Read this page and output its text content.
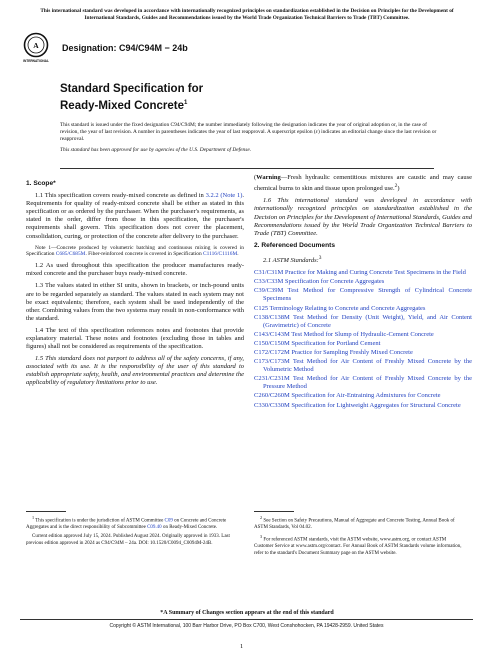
This international standard was developed in accordance with internationally recognized principles on standardization established in the Decision on Principles for the Development of International Standards, Guides and Recommendations issued by the World Trade Organization Technical Barriers to Trade (TBT) Committee.
A
INTERNATIONAL
Designation: C94/C94M − 24b
Standard Specification for
Ready-Mixed Concrete$^1$

This standard is issued under the fixed designation C94/C94M; the number immediately following the designation indicates the year of original adoption or, in the case of revision, the year of last revision. A number in parentheses indicates the year of last reapproval. A superscript epsilon (ε) indicates an editorial change since the last revision or reapproval.

This standard has been approved for use by agencies of the U.S. Department of Defense.

1. Scope*

1.1 This specification covers ready-mixed concrete as defined in 3.2.2 (Note 1). Requirements for quality of ready-mixed concrete shall be either as stated in this specification or as ordered by the purchaser. When the purchaser's requirements, as stated in the order, differ from those in this specification, the purchaser's requirements shall govern. This specification does not cover the placement, consolidation, curing, or protection of the concrete after delivery to the purchaser.

Note 1—Concrete produced by volumetric batching and continuous mixing is covered in Specification C685/C685M. Fiber-reinforced concrete is covered in Specification C1116/C1116M.

1.2 As used throughout this specification the producer manufactures ready-mixed concrete and the purchaser buys ready-mixed concrete.

1.3 The values stated in either SI units, shown in brackets, or inch-pound units are to be regarded separately as standard. The values stated in each system may not be exact equivalents; therefore, each system shall be used independently of the other. Combining values from the two systems may result in non-conformance with the standard.

1.4 The text of this specification references notes and footnotes that provide explanatory material. These notes and footnotes (excluding those in tables and figures) shall not be considered as requirements of the specification.

1.5 This standard does not purport to address all of the safety concerns, if any, associated with its use. It is the responsibility of the user of this standard to establish appropriate safety, health, and environmental practices and determine the applicability of regulatory limitations prior to use.

(Warning—Fresh hydraulic cementitious mixtures are caustic and may cause chemical burns to skin and tissue upon prolonged use.$^2$)

1.6 This international standard was developed in accordance with internationally recognized principles on standardization established in the Decision on Principles for the Development of International Standards, Guides and Recommendations issued by the World Trade Organization Technical Barriers to Trade (TBT) Committee.

2. Referenced Documents

2.1 ASTM Standards:$^3$

C31/C31M Practice for Making and Curing Concrete Test Specimens in the Field
C33/C33M Specification for Concrete Aggregates
C39/C39M Test Method for Compressive Strength of Cylindrical Concrete Specimens
C125 Terminology Relating to Concrete and Concrete Aggregates
C138/C138M Test Method for Density (Unit Weight), Yield, and Air Content (Gravimetric) of Concrete
C143/C143M Test Method for Slump of Hydraulic-Cement Concrete
C150/C150M Specification for Portland Cement
C172/C172M Practice for Sampling Freshly Mixed Concrete
C173/C173M Test Method for Air Content of Freshly Mixed Concrete by the Volumetric Method
C231/C231M Test Method for Air Content of Freshly Mixed Concrete by the Pressure Method
C260/C260M Specification for Air-Entraining Admixtures for Concrete
C330/C330M Specification for Lightweight Aggregates for Structural Concrete

$^1$ This specification is under the jurisdiction of ASTM Committee C09 on Concrete and Concrete Aggregates and is the direct responsibility of Subcommittee C09.40 on Ready-Mixed Concrete.

Current edition approved July 15, 2024. Published August 2024. Originally approved in 1933. Last previous edition approved in 2024 as C94/C94M – 24a. DOI: 10.1520/C0094_C0094M-24B.

$^2$ See Section on Safety Precautions, Manual of Aggregate and Concrete Testing, Annual Book of ASTM Standards, Vol 04.02.

$^3$ For referenced ASTM standards, visit the ASTM website, www.astm.org, or contact ASTM Customer Service at www.astm.org/contact. For Annual Book of ASTM Standards volume information, refer to the standard's Document Summary page on the ASTM website.

*A Summary of Changes section appears at the end of this standard
Copyright © ASTM International, 100 Barr Harbor Drive, PO Box C700, West Conshohocken, PA 19428-2959. United States
1
